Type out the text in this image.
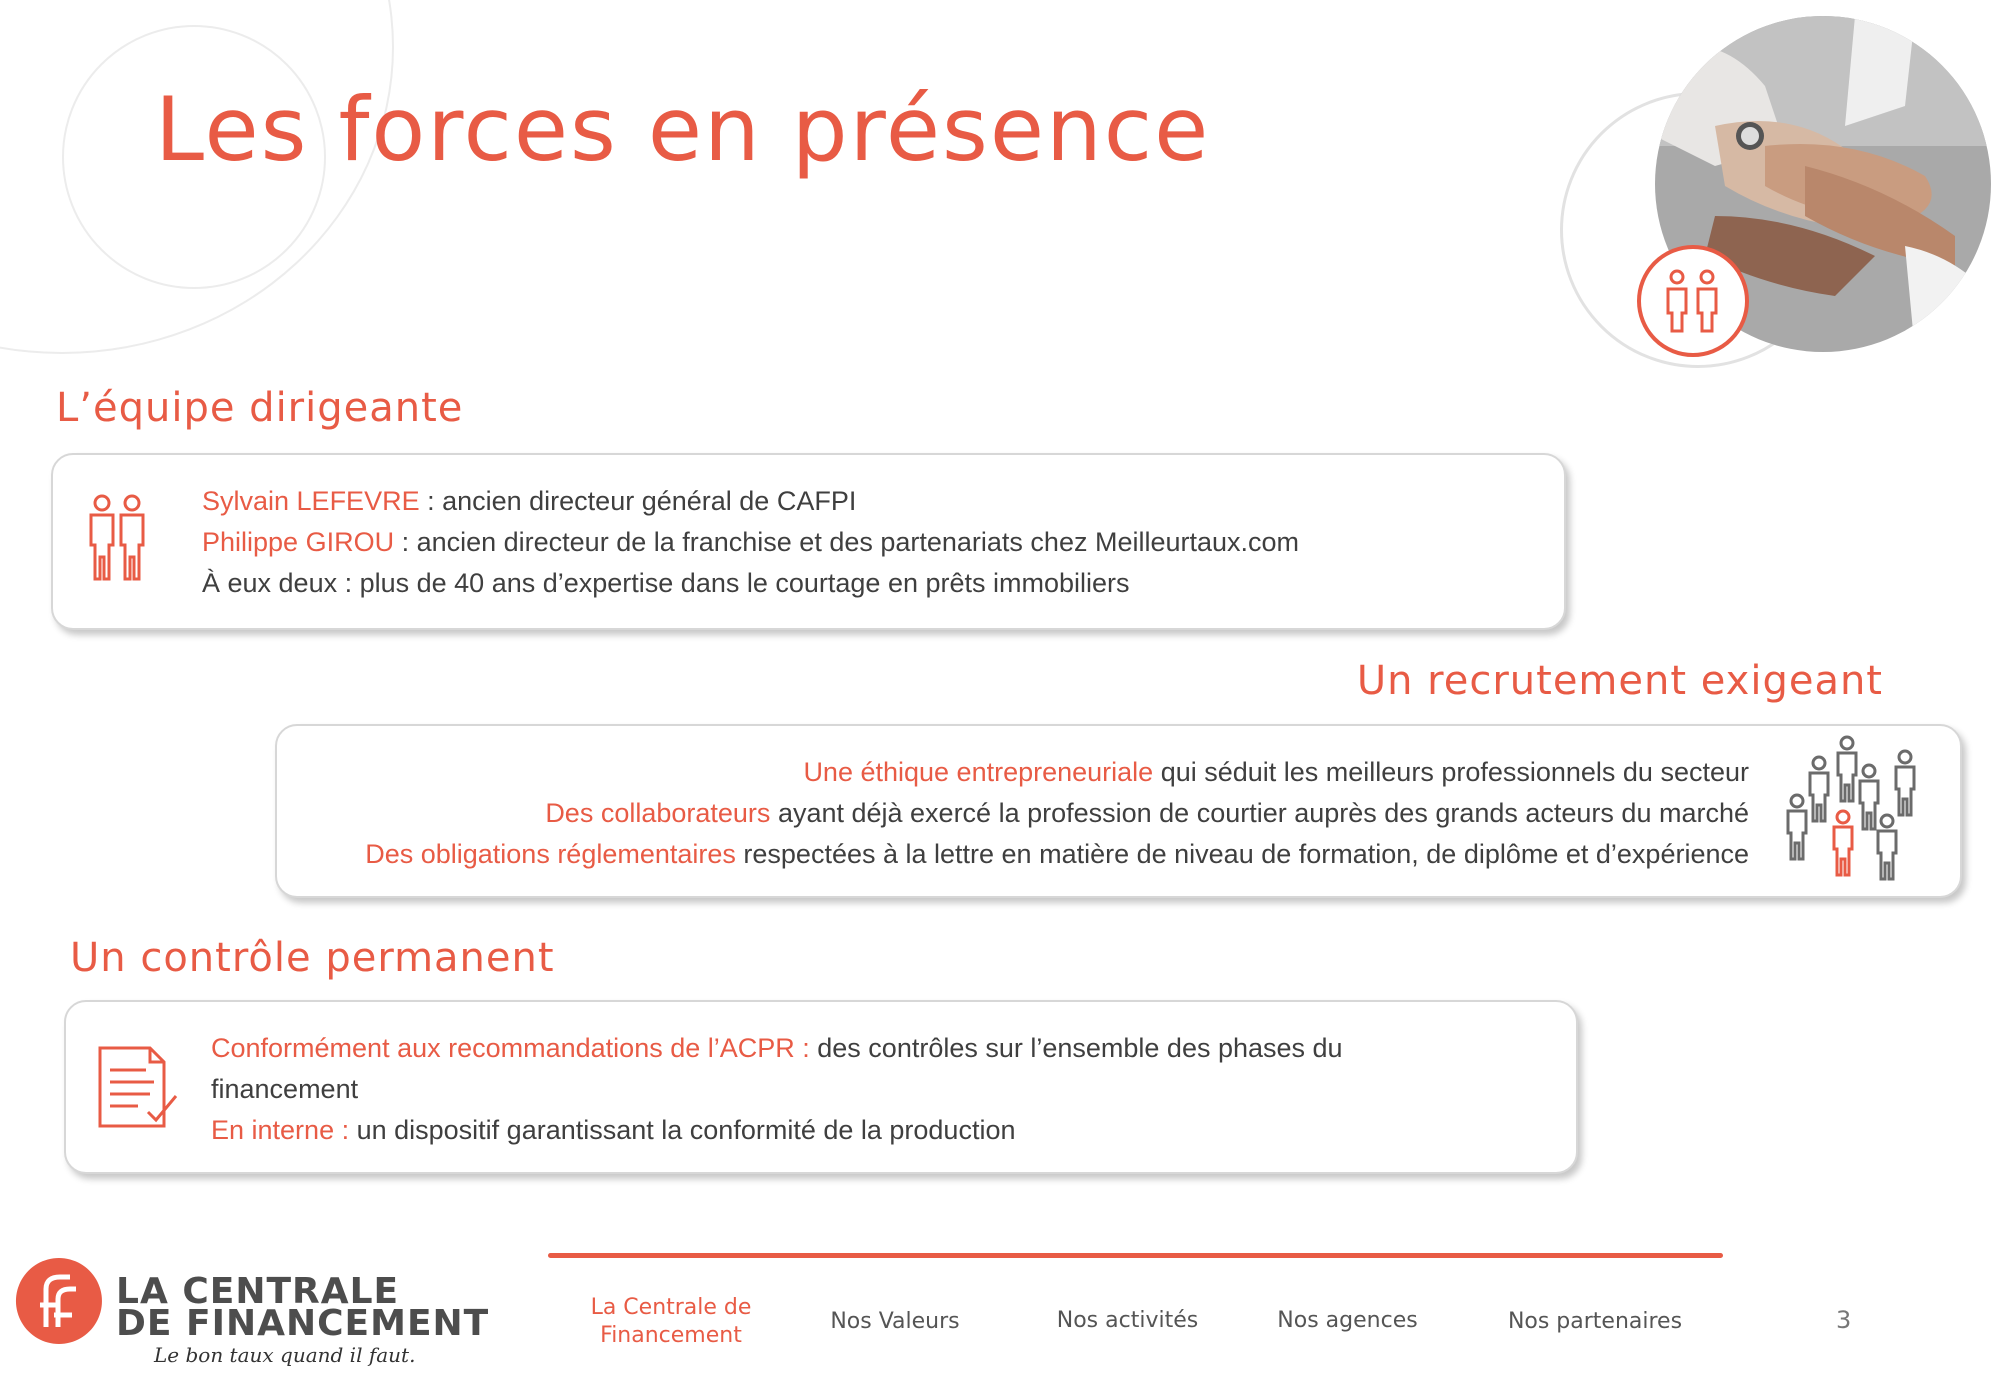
Les forces en présence
L’équipe dirigeante
Sylvain LEFEVRE : ancien directeur général de CAFPI
Philippe GIROU : ancien directeur de la franchise et des partenariats chez Meilleurtaux.com
À eux deux : plus de 40 ans d’expertise dans le courtage en prêts immobiliers
Un recrutement exigeant
Une éthique entrepreneuriale qui séduit les meilleurs professionnels du secteur
Des collaborateurs ayant déjà exercé la profession de courtier auprès des grands acteurs du marché
Des obligations réglementaires respectées à la lettre en matière de niveau de formation, de diplôme et d’expérience
Un contrôle permanent
Conformément aux recommandations de l’ACPR : des contrôles sur l’ensemble des phases du
financement
En interne : un dispositif garantissant la conformité de la production
LA CENTRALE
DE FINANCEMENT
Le bon taux quand il faut.
La Centrale de Financement
Nos Valeurs	Nos activités	Nos agences	Nos partenaires	3
